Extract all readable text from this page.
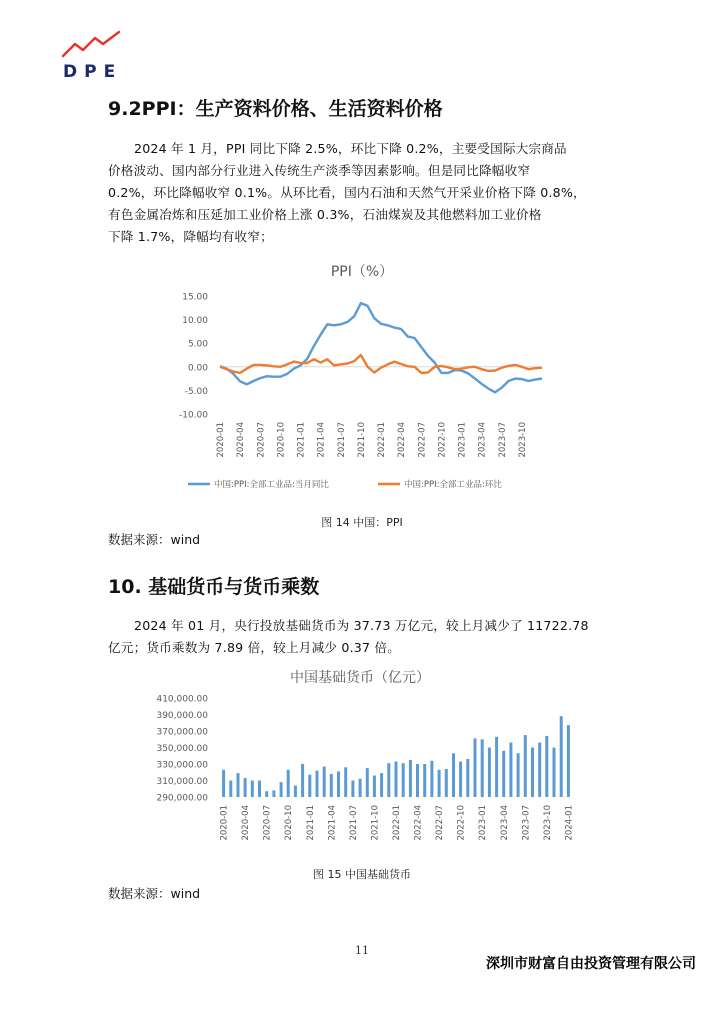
DPE
9.2PPI：生产资料价格、生活资料价格
2024 年 1 月，PPI 同比下降 2.5%，环比下降 0.2%，主要受国际大宗商品
价格波动、国内部分行业进入传统生产淡季等因素影响。但是同比降幅收窄
0.2%，环比降幅收窄 0.1%。从环比看，国内石油和天然气开采业价格下降 0.8%，
有色金属冶炼和压延加工业价格上涨 0.3%，石油煤炭及其他燃料加工业价格
下降 1.7%，降幅均有收窄；
PPI（%）
15.00
10.00
5.00
0.00
-5.00
-10.00
2020-01 2020-04 2020-07 2020-10 2021-01 2021-04 2021-07 2021-10 2022-01 2022-04 2022-07 2022-10 2023-01 2023-04 2023-07 2023-10
中国:PPI:全部工业品:当月同比	中国:PPI:全部工业品:环比
图 14 中国：PPI
数据来源：wind
10. 基础货币与货币乘数
2024 年 01 月，央行投放基础货币为 37.73 万亿元，较上月减少了 11722.78
亿元；货币乘数为 7.89 倍，较上月减少 0.37 倍。
中国基础货币（亿元）
410,000.00
390,000.00
370,000.00
350,000.00
330,000.00
310,000.00
290,000.00
2020-01 2020-04 2020-07 2020-10 2021-01 2021-04 2021-07 2021-10 2022-01 2022-04 2022-07 2022-10 2023-01 2023-04 2023-07 2023-10 2024-01
图 15 中国基础货币
数据来源：wind
11
深圳市财富自由投资管理有限公司
